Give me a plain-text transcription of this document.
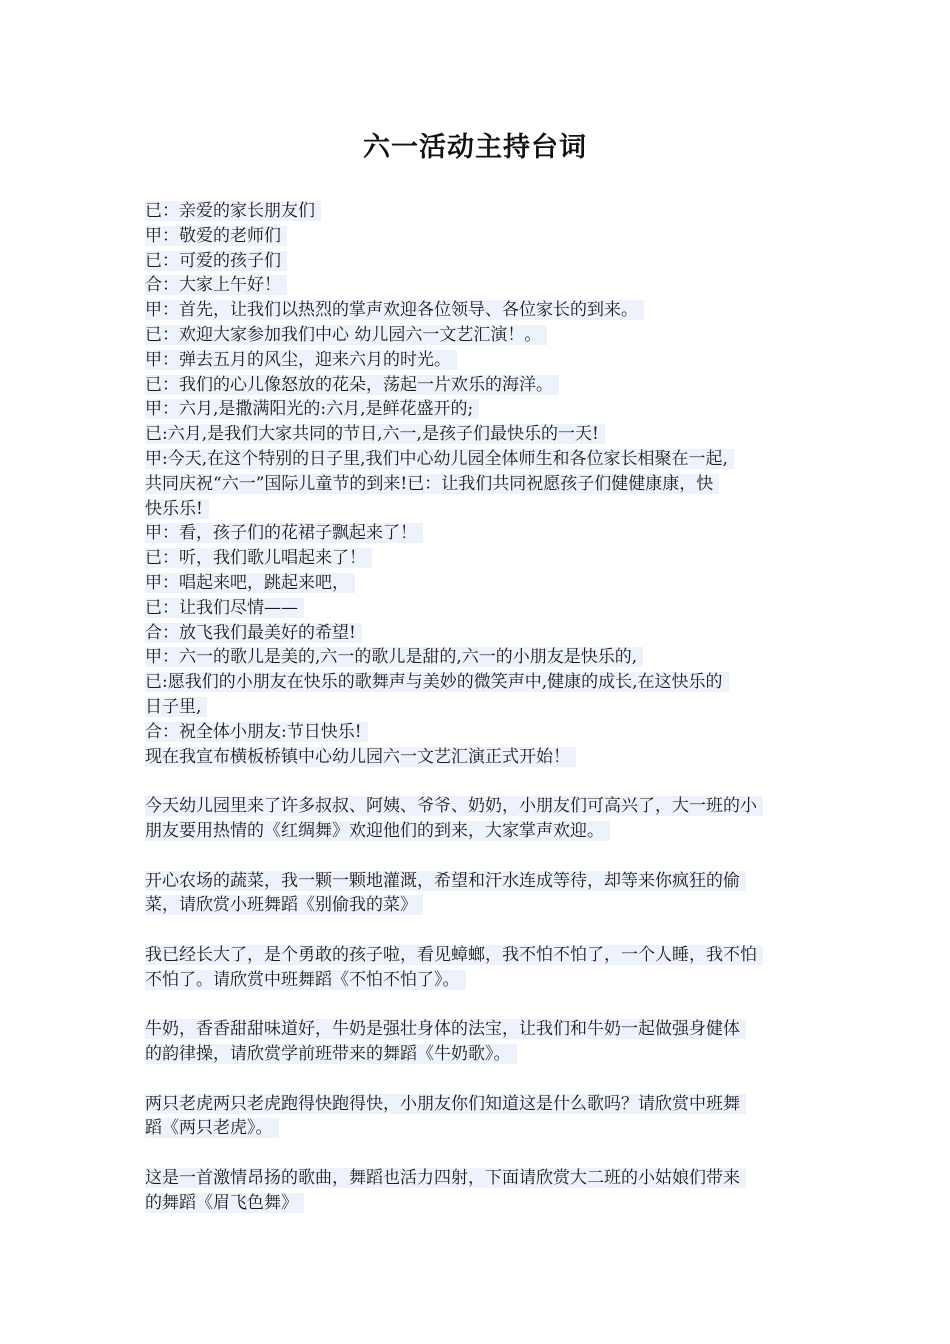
六一活动主持台词
已：亲爱的家长朋友们
甲：敬爱的老师们
已：可爱的孩子们
合：大家上午好！
甲：首先，让我们以热烈的掌声欢迎各位领导、各位家长的到来。
已：欢迎大家参加我们中心 幼儿园六一文艺汇演！。
甲：弹去五月的风尘，迎来六月的时光。
已：我们的心儿像怒放的花朵，荡起一片欢乐的海洋。
甲：六月,是撒满阳光的:六月,是鲜花盛开的;
已:六月,是我们大家共同的节日,六一,是孩子们最快乐的一天!
甲:今天,在这个特别的日子里,我们中心幼儿园全体师生和各位家长相聚在一起,
共同庆祝“六一”国际儿童节的到来!已：让我们共同祝愿孩子们健健康康，快
快乐乐!
甲：看，孩子们的花裙子飘起来了！
已：听，我们歌儿唱起来了！
甲：唱起来吧，跳起来吧，
已：让我们尽情——
合：放飞我们最美好的希望!
甲：六一的歌儿是美的,六一的歌儿是甜的,六一的小朋友是快乐的,
已:愿我们的小朋友在快乐的歌舞声与美妙的微笑声中,健康的成长,在这快乐的
日子里,
合：祝全体小朋友:节日快乐!
现在我宣布横板桥镇中心幼儿园六一文艺汇演正式开始！
今天幼儿园里来了许多叔叔、阿姨、爷爷、奶奶，小朋友们可高兴了，大一班的小
朋友要用热情的《红绸舞》欢迎他们的到来，大家掌声欢迎。
开心农场的蔬菜，我一颗一颗地灌溉，希望和汗水连成等待，却等来你疯狂的偷
菜，请欣赏小班舞蹈《别偷我的菜》
我已经长大了，是个勇敢的孩子啦，看见蟑螂，我不怕不怕了，一个人睡，我不怕
不怕了。请欣赏中班舞蹈《不怕不怕了》。
牛奶，香香甜甜味道好，牛奶是强壮身体的法宝，让我们和牛奶一起做强身健体
的韵律操，请欣赏学前班带来的舞蹈《牛奶歌》。
两只老虎两只老虎跑得快跑得快，小朋友你们知道这是什么歌吗？请欣赏中班舞
蹈《两只老虎》。
这是一首激情昂扬的歌曲，舞蹈也活力四射，下面请欣赏大二班的小姑娘们带来
的舞蹈《眉飞色舞》
